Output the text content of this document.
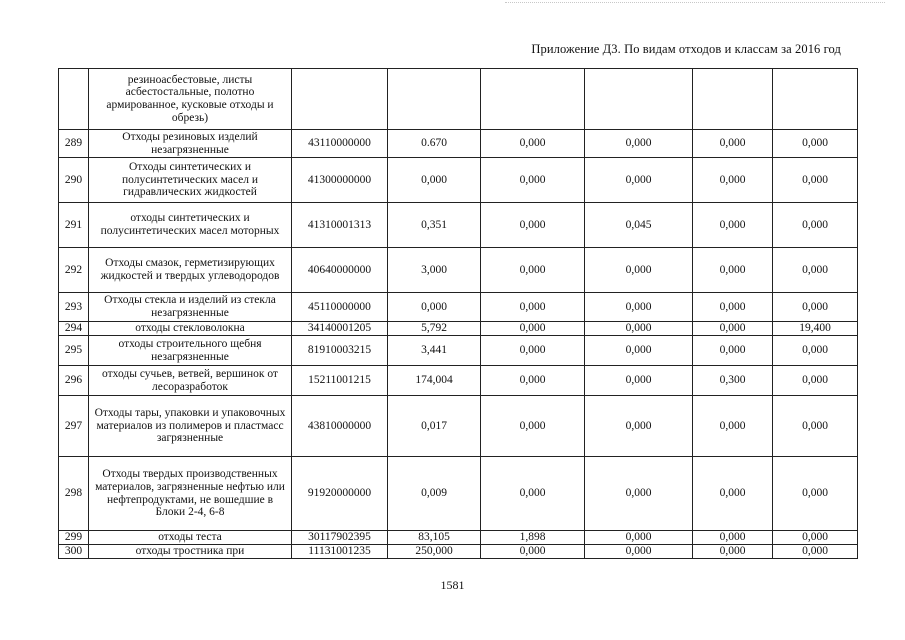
Приложение Д3. По видам отходов и классам за 2016 год
	резиноасбестовые, листы асбестостальные, полотно армированное, кусковые отходы и обрезь)						
289	Отходы резиновых изделий незагрязненные	43110000000	0.670	0,000	0,000	0,000	0,000
290	Отходы синтетических и полусинтетических масел и гидравлических жидкостей	41300000000	0,000	0,000	0,000	0,000	0,000
291	отходы синтетических и полусинтетических масел моторных	41310001313	0,351	0,000	0,045	0,000	0,000
292	Отходы смазок, герметизирующих жидкостей и твердых углеводородов	40640000000	3,000	0,000	0,000	0,000	0,000
293	Отходы стекла и изделий из стекла незагрязненные	45110000000	0,000	0,000	0,000	0,000	0,000
294	отходы стекловолокна	34140001205	5,792	0,000	0,000	0,000	19,400
295	отходы строительного щебня незагрязненные	81910003215	3,441	0,000	0,000	0,000	0,000
296	отходы сучьев, ветвей, вершинок от лесоразработок	15211001215	174,004	0,000	0,000	0,300	0,000
297	Отходы тары, упаковки и упаковочных материалов из полимеров и пластмасс загрязненные	43810000000	0,017	0,000	0,000	0,000	0,000
298	Отходы твердых производственных материалов, загрязненные нефтью или нефтепродуктами, не вошедшие в Блоки 2-4, 6-8	91920000000	0,009	0,000	0,000	0,000	0,000
299	отходы теста	30117902395	83,105	1,898	0,000	0,000	0,000
300	отходы тростника при	11131001235	250,000	0,000	0,000	0,000	0,000
1581
